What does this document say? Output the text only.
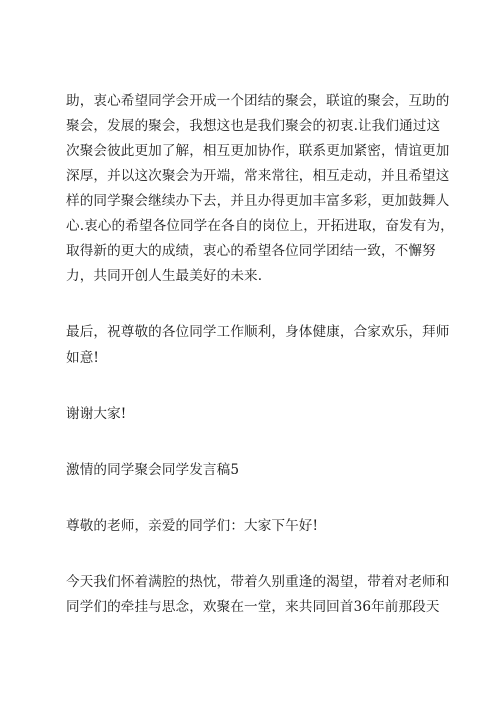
助，衷心希望同学会开成一个团结的聚会，联谊的聚会，互助的
聚会，发展的聚会，我想这也是我们聚会的初衷.让我们通过这
次聚会彼此更加了解，相互更加协作，联系更加紧密，情谊更加
深厚，并以这次聚会为开端，常来常往，相互走动，并且希望这
样的同学聚会继续办下去，并且办得更加丰富多彩，更加鼓舞人
心.衷心的希望各位同学在各自的岗位上，开拓进取，奋发有为，
取得新的更大的成绩，衷心的希望各位同学团结一致，不懈努
力，共同开创人生最美好的未来.
最后，祝尊敬的各位同学工作顺利，身体健康，合家欢乐，拜师
如意!
谢谢大家!
激情的同学聚会同学发言稿5
尊敬的老师，亲爱的同学们：大家下午好!
今天我们怀着满腔的热忱，带着久别重逢的渴望，带着对老师和
同学们的牵挂与思念，欢聚在一堂，来共同回首36年前那段天
